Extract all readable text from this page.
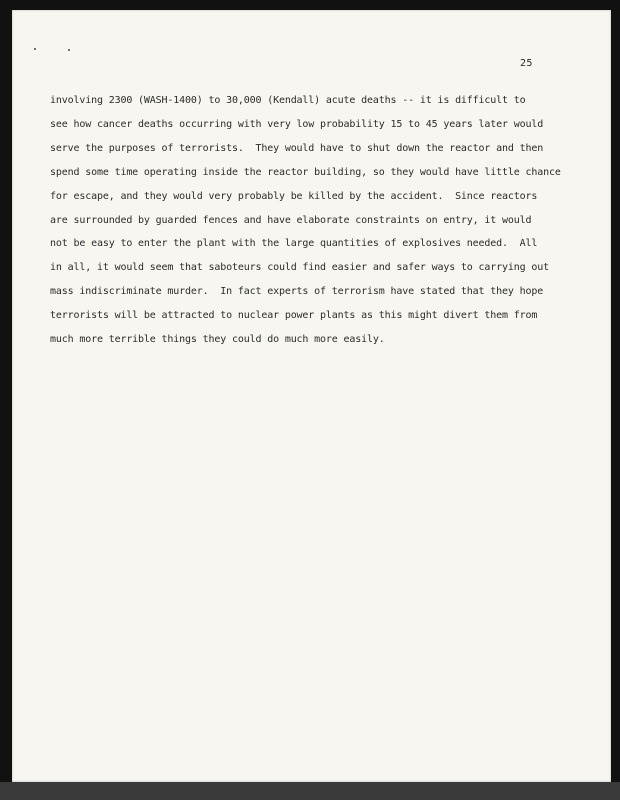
25
involving 2300 (WASH-1400) to 30,000 (Kendall) acute deaths -- it is difficult to
see how cancer deaths occurring with very low probability 15 to 45 years later would
serve the purposes of terrorists.  They would have to shut down the reactor and then
spend some time operating inside the reactor building, so they would have little chance
for escape, and they would very probably be killed by the accident.  Since reactors
are surrounded by guarded fences and have elaborate constraints on entry, it would
not be easy to enter the plant with the large quantities of explosives needed.  All
in all, it would seem that saboteurs could find easier and safer ways to carrying out
mass indiscriminate murder.  In fact experts of terrorism have stated that they hope
terrorists will be attracted to nuclear power plants as this might divert them from
much more terrible things they could do much more easily.
